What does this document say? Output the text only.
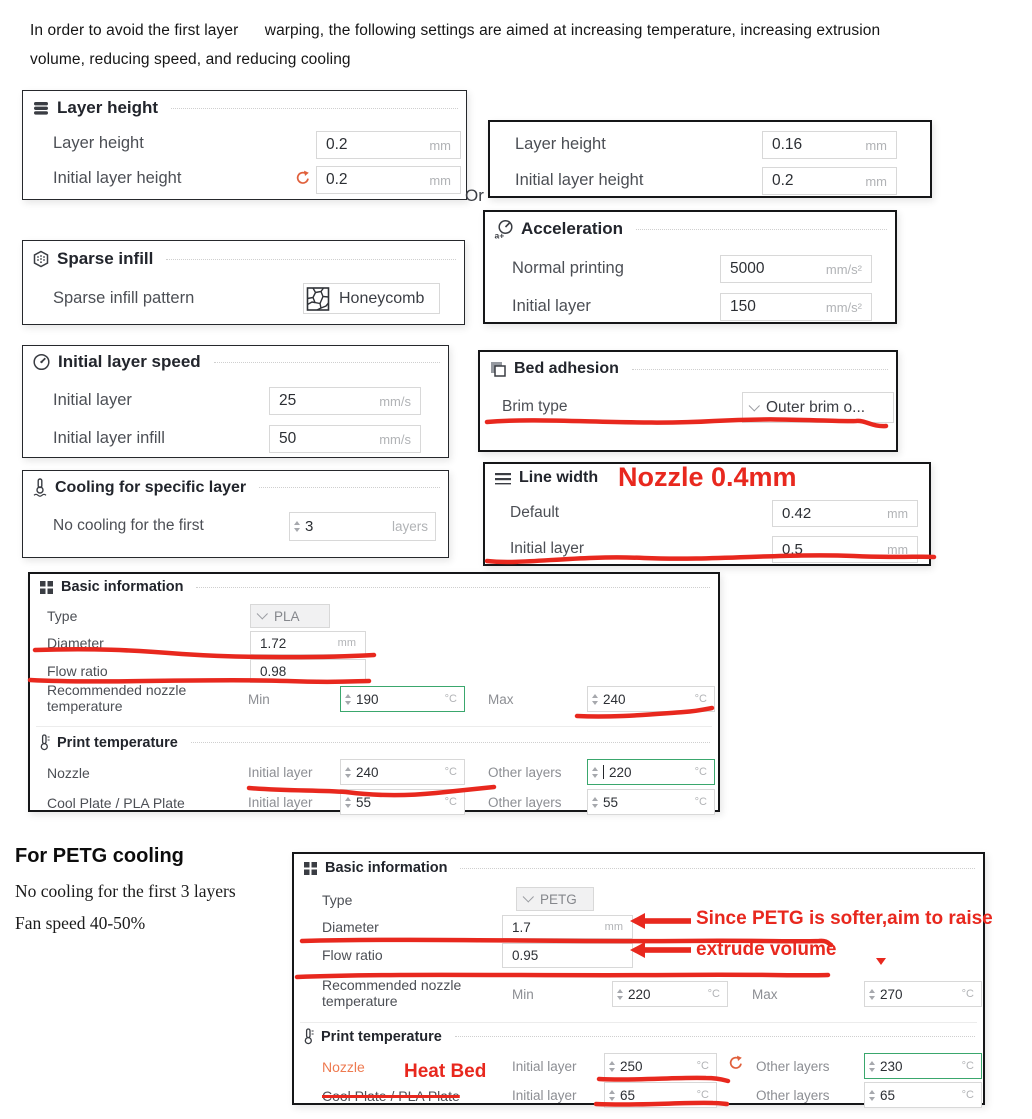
In order to avoid the first layer      warping, the following settings are aimed at increasing temperature, increasing extrusion
volume, reducing speed, and reducing cooling
Layer height
Layer height	0.2	mm
Initial layer height	0.2	mm
Or
Layer height	0.16	mm
Initial layer height	0.2	mm
Sparse infill
Sparse infill pattern	Honeycomb
a+ Acceleration
Normal printing	5000	mm/s²
Initial layer	150	mm/s²
Initial layer speed
Initial layer	25	mm/s
Initial layer infill	50	mm/s
Bed adhesion
Brim type	Outer brim o...
Cooling for specific layer
No cooling for the first	3	layers
Line width
Default	0.42	mm
Initial layer	0.5	mm
Nozzle 0.4mm
Basic information
Type	PLA
Diameter	1.72	mm
Flow ratio	0.98
Recommended nozzle
temperature	Min	190	°C Max	240	°C
Print temperature
Nozzle	Initial layer	240	°C Other layers	220	°C
Cool Plate / PLA Plate	Initial layer	55	°C Other layers	55	°C
For PETG cooling
No cooling for the first 3 layers
Fan speed 40-50%
Basic information
Type	PETG
Diameter	1.7	mm
Flow ratio	0.95
Recommended nozzle
temperature	Min	220	°C Max	270	°C
Print temperature
Nozzle	Initial layer	250	°C	Other layers	230	°C
Cool Plate / PLA Plate	Initial layer	65	°C	Other layers	65	°C
Since PETG is softer,aim to raise
extrude volume
Heat Bed
